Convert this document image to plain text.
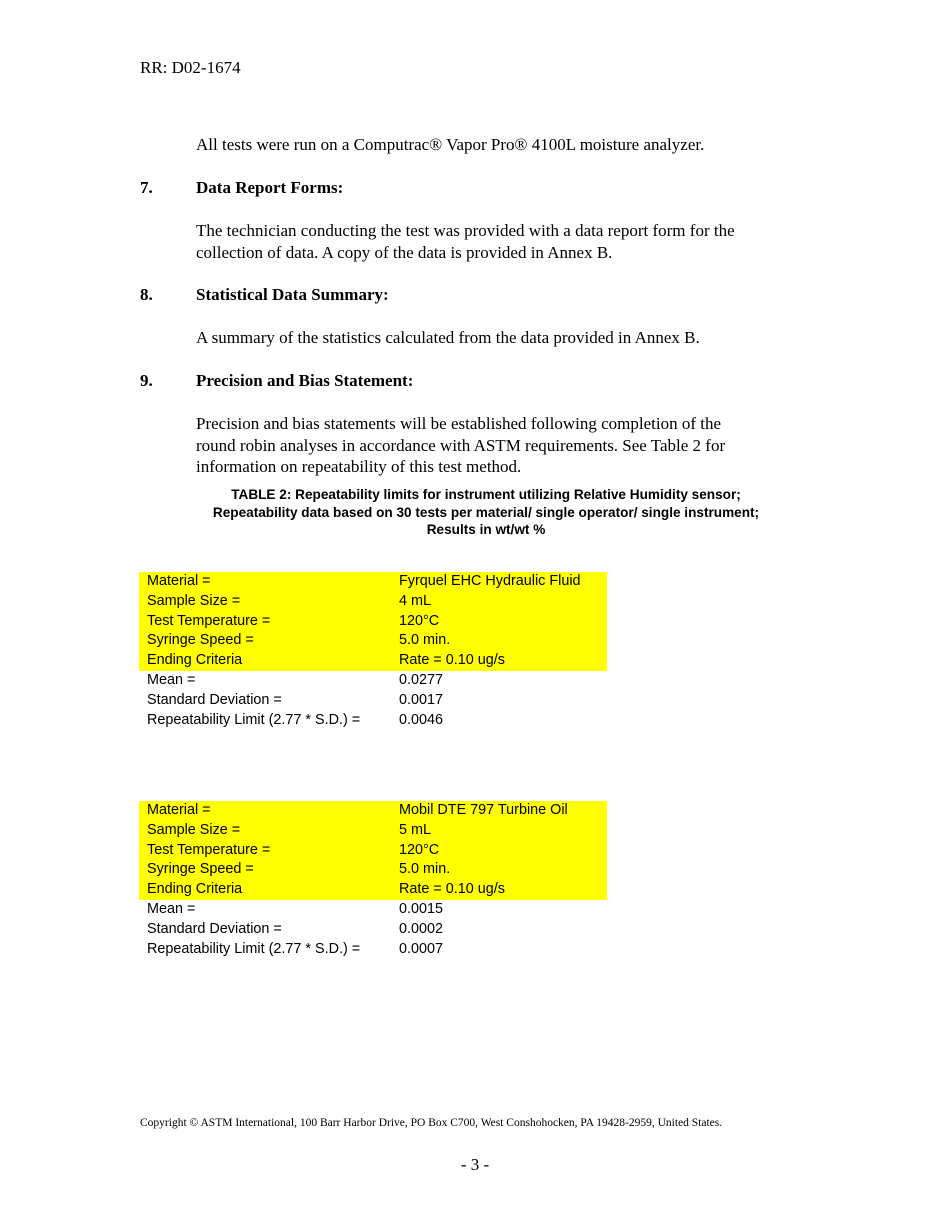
RR: D02-1674
All tests were run on a Computrac® Vapor Pro® 4100L moisture analyzer.
7.	Data Report Forms:
The technician conducting the test was provided with a data report form for the
collection of data. A copy of the data is provided in Annex B.
8.	Statistical Data Summary:
A summary of the statistics calculated from the data provided in Annex B.
9.	Precision and Bias Statement:
Precision and bias statements will be established following completion of the
round robin analyses in accordance with ASTM requirements. See Table 2 for
information on repeatability of this test method.
TABLE 2: Repeatability limits for instrument utilizing Relative Humidity sensor;
Repeatability data based on 30 tests per material/ single operator/ single instrument;
Results in wt/wt %
Material =	Fyrquel EHC Hydraulic Fluid
Sample Size =	4 mL
Test Temperature =	120°C
Syringe Speed =	5.0 min.
Ending Criteria	Rate = 0.10 ug/s
Mean =	0.0277
Standard Deviation =	0.0017
Repeatability Limit (2.77 * S.D.) =	0.0046
Material =	Mobil DTE 797 Turbine Oil
Sample Size =	5 mL
Test Temperature =	120°C
Syringe Speed =	5.0 min.
Ending Criteria	Rate = 0.10 ug/s
Mean =	0.0015
Standard Deviation =	0.0002
Repeatability Limit (2.77 * S.D.) =	0.0007
Copyright © ASTM International, 100 Barr Harbor Drive, PO Box C700, West Conshohocken, PA 19428-2959, United States.
- 3 -
